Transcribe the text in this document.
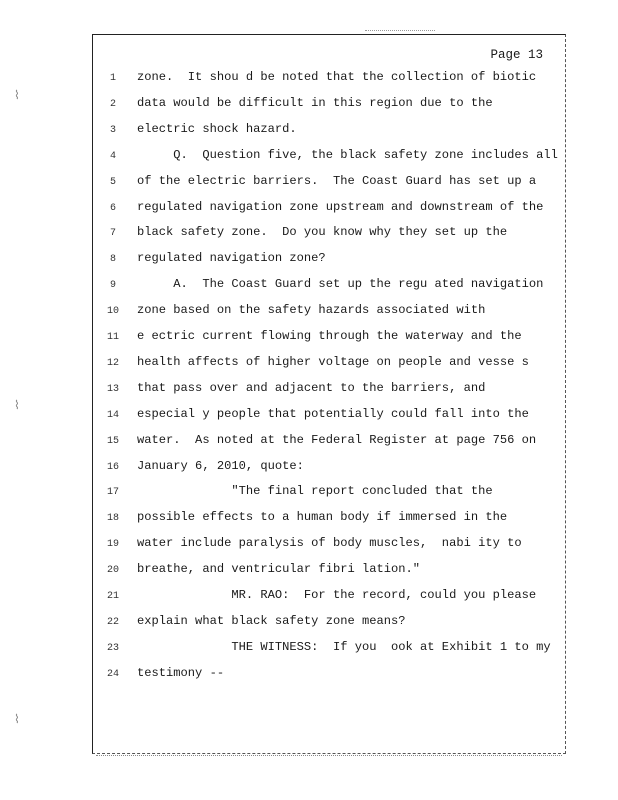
⌇
⌇
⌇
Page 13
1	zone.  It shou d be noted that the collection of biotic
2	data would be difficult in this region due to the
3	electric shock hazard.
4	Q.  Question five, the black safety zone includes all
5	of the electric barriers.  The Coast Guard has set up a
6	regulated navigation zone upstream and downstream of the
7	black safety zone.  Do you know why they set up the
8	regulated navigation zone?
9	A.  The Coast Guard set up the regu ated navigation
10 zone based on the safety hazards associated with
11 e ectric current flowing through the waterway and the
12 health affects of higher voltage on people and vesse s
13 that pass over and adjacent to the barriers, and
14 especial y people that potentially could fall into the
15 water.  As noted at the Federal Register at page 756 on
16 January 6, 2010, quote:
17 "The final report concluded that the
18 possible effects to a human body if immersed in the
19 water include paralysis of body muscles,  nabi ity to
20 breathe, and ventricular fibri lation."
21 MR. RAO:  For the record, could you please
22 explain what black safety zone means?
23 THE WITNESS:  If you  ook at Exhibit 1 to my
24 testimony --
